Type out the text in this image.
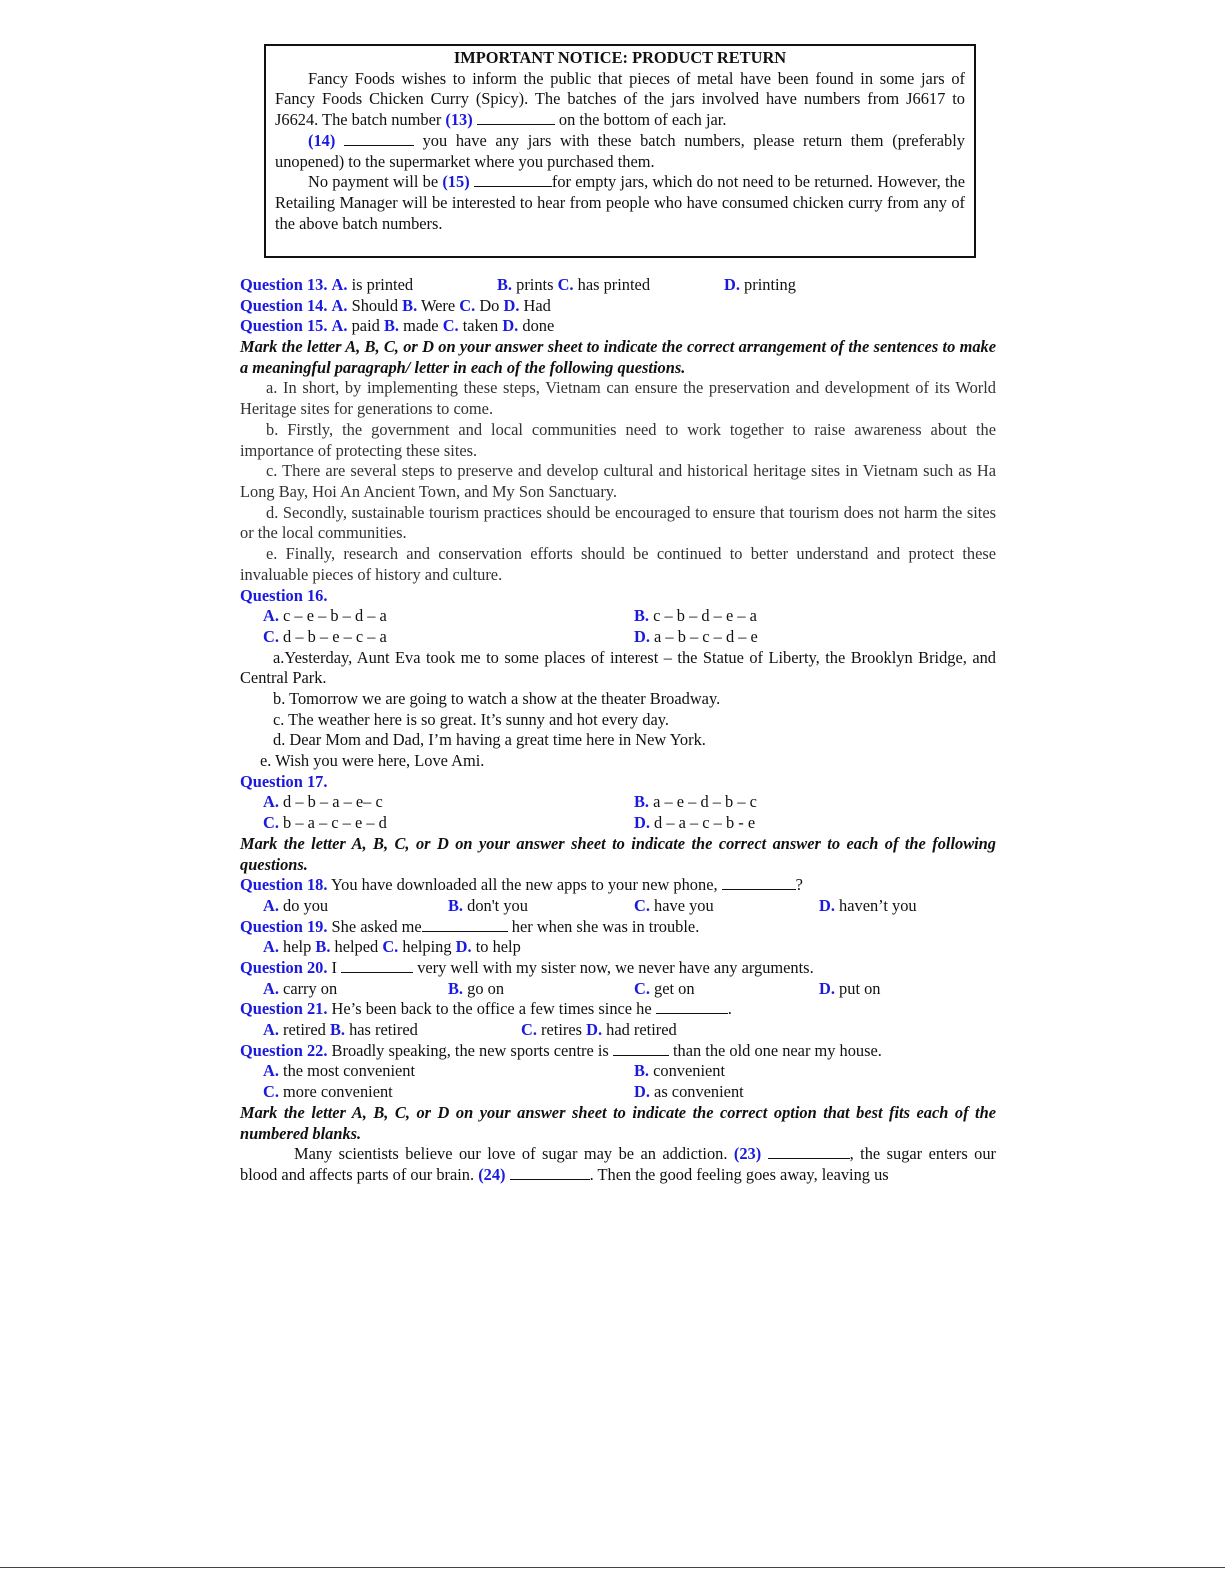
IMPORTANT NOTICE: PRODUCT RETURN
Fancy Foods wishes to inform the public that pieces of metal have been found in some jars of Fancy Foods Chicken Curry (Spicy). The batches of the jars involved have numbers from J6617 to J6624. The batch number (13)	on the bottom of each jar.
(14)	you have any jars with these batch numbers, please return them (preferably unopened) to the supermarket where you purchased them.
No payment will be (15)	for empty jars, which do not need to be returned. However, the Retailing Manager will be interested to hear from people who have consumed chicken curry from any of the above batch numbers.
Question 13. A. is printed	B. prints C. has printed	D. printing
Question 14. A. Should B. Were C. Do D. Had
Question 15. A. paid B. made C. taken D. done
Mark the letter A, B, C, or D on your answer sheet to indicate the correct arrangement of the sentences to make a meaningful paragraph/ letter in each of the following questions.
a. In short, by implementing these steps, Vietnam can ensure the preservation and development of its World Heritage sites for generations to come.
b. Firstly, the government and local communities need to work together to raise awareness about the importance of protecting these sites.
c. There are several steps to preserve and develop cultural and historical heritage sites in Vietnam such as Ha Long Bay, Hoi An Ancient Town, and My Son Sanctuary.
d. Secondly, sustainable tourism practices should be encouraged to ensure that tourism does not harm the sites or the local communities.
e. Finally, research and conservation efforts should be continued to better understand and protect these invaluable pieces of history and culture.
Question 16.
A. c – e – b – d – a	B. c – b – d – e – a
C. d – b – e – c – a	D. a – b – c – d – e
a.Yesterday, Aunt Eva took me to some places of interest – the Statue of Liberty, the Brooklyn Bridge, and Central Park.
b. Tomorrow we are going to watch a show at the theater Broadway.
c. The weather here is so great. It’s sunny and hot every day.
d. Dear Mom and Dad, I’m having a great time here in New York.
e. Wish you were here, Love Ami.
Question 17.
A. d – b – a – e– c	B. a – e – d – b – c
C. b – a – c – e – d	D. d – a – c – b - e
Mark the letter A, B, C, or D on your answer sheet to indicate the correct answer to each of the following questions.
Question 18. You have downloaded all the new apps to your new phone,	?
A. do you	B. don't you	C. have you	D. haven’t you
Question 19. She asked me	her when she was in trouble.
A. help B. helped C. helping D. to help
Question 20. I	very well with my sister now, we never have any arguments.
A. carry on	B. go on	C. get on	D. put on
Question 21. He’s been back to the office a few times since he	.
A. retired B. has retired	C. retires D. had retired
Question 22. Broadly speaking, the new sports centre is	than the old one near my house.
A. the most convenient	B. convenient
C. more convenient	D. as convenient
Mark the letter A, B, C, or D on your answer sheet to indicate the correct option that best fits each of the numbered blanks.
Many scientists believe our love of sugar may be an addiction. (23)	, the sugar enters our blood and affects parts of our brain. (24)	. Then the good feeling goes away, leaving us
